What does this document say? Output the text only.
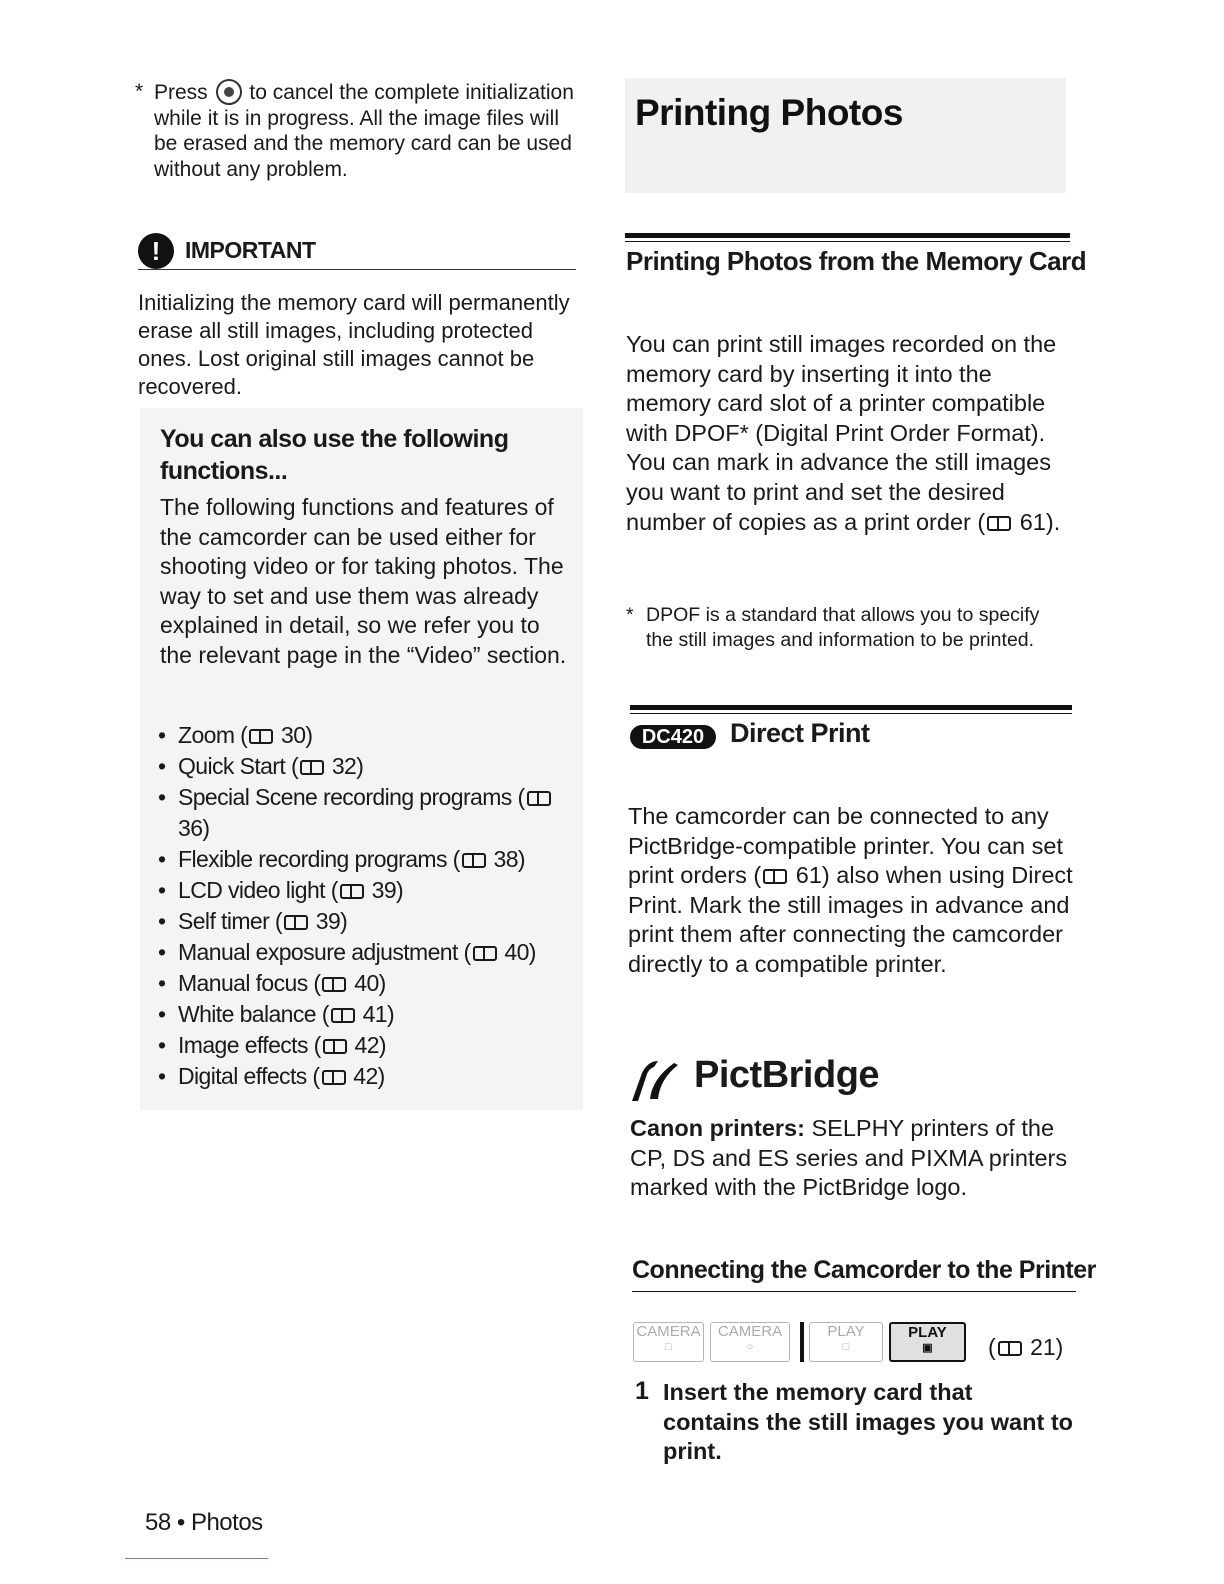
* Press to cancel the complete initialization while it is in progress. All the image files will be erased and the memory card can be used without any problem.
!	IMPORTANT
Initializing the memory card will permanently erase all still images, including protected ones. Lost original still images cannot be recovered.
You can also use the following functions...
The following functions and features of the camcorder can be used either for shooting video or for taking photos. The way to set and use them was already explained in detail, so we refer you to the relevant page in the “Video” section.
• Zoom ( 30)
• Quick Start ( 32)
• Special Scene recording programs ( 36)
• Flexible recording programs ( 38)
• LCD video light ( 39)
• Self timer ( 39)
• Manual exposure adjustment ( 40)
• Manual focus ( 40)
• White balance ( 41)
• Image effects ( 42)
• Digital effects ( 42)
58 • Photos
Printing Photos
Printing Photos from the Memory Card
You can print still images recorded on the memory card by inserting it into the memory card slot of a printer compatible with DPOF* (Digital Print Order Format). You can mark in advance the still images you want to print and set the desired number of copies as a print order ( 61).
* DPOF is a standard that allows you to specify the still images and information to be printed.
DC420 Direct Print
The camcorder can be connected to any PictBridge-compatible printer. You can set print orders ( 61) also when using Direct Print. Mark the still images in advance and print them after connecting the camcorder directly to a compatible printer.
PictBridge
Canon printers: SELPHY printers of the CP, DS and ES series and PIXMA printers marked with the PictBridge logo.
Connecting the Camcorder to the Printer
CAMERA
□
CAMERA
○
PLAY
□
PLAY
▣	( 21)
1 Insert the memory card that contains the still images you want to print.
